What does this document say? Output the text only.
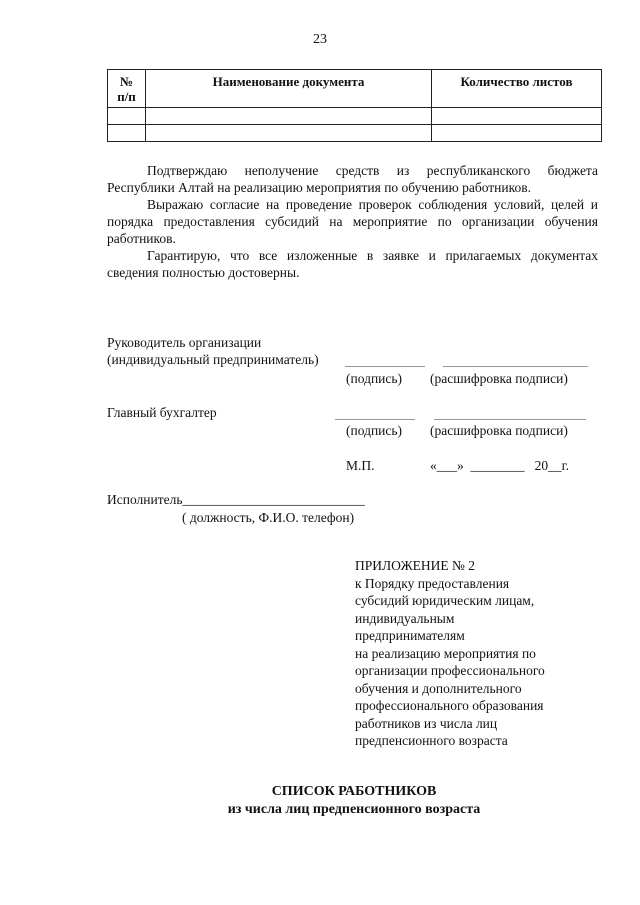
23
№
п/п	Наименование документа	Количество листов

Подтверждаю неполучение средств из республиканского бюджета Республики Алтай на реализацию мероприятия по обучению работников.
Выражаю согласие на проведение проверок соблюдения условий, целей и порядка предоставления субсидий на мероприятие по организации обучения работников.
Гарантирую, что все изложенные в заявке и прилагаемых документах сведения полностью достоверны.
Руководитель организации
(индивидуальный предприниматель)
(подпись) (расшифровка подписи)
Главный бухгалтер
(подпись) (расшифровка подписи)
М.П.	«___»  ________   20__г.
Исполнитель___________________________
( должность, Ф.И.О. телефон)
ПРИЛОЖЕНИЕ № 2
к Порядку предоставления
субсидий юридическим лицам,
индивидуальным
предпринимателям
на реализацию мероприятия по
организации профессионального
обучения и дополнительного
профессионального образования
работников из числа лиц
предпенсионного возраста
СПИСОК РАБОТНИКОВ
из числа лиц предпенсионного возраста
